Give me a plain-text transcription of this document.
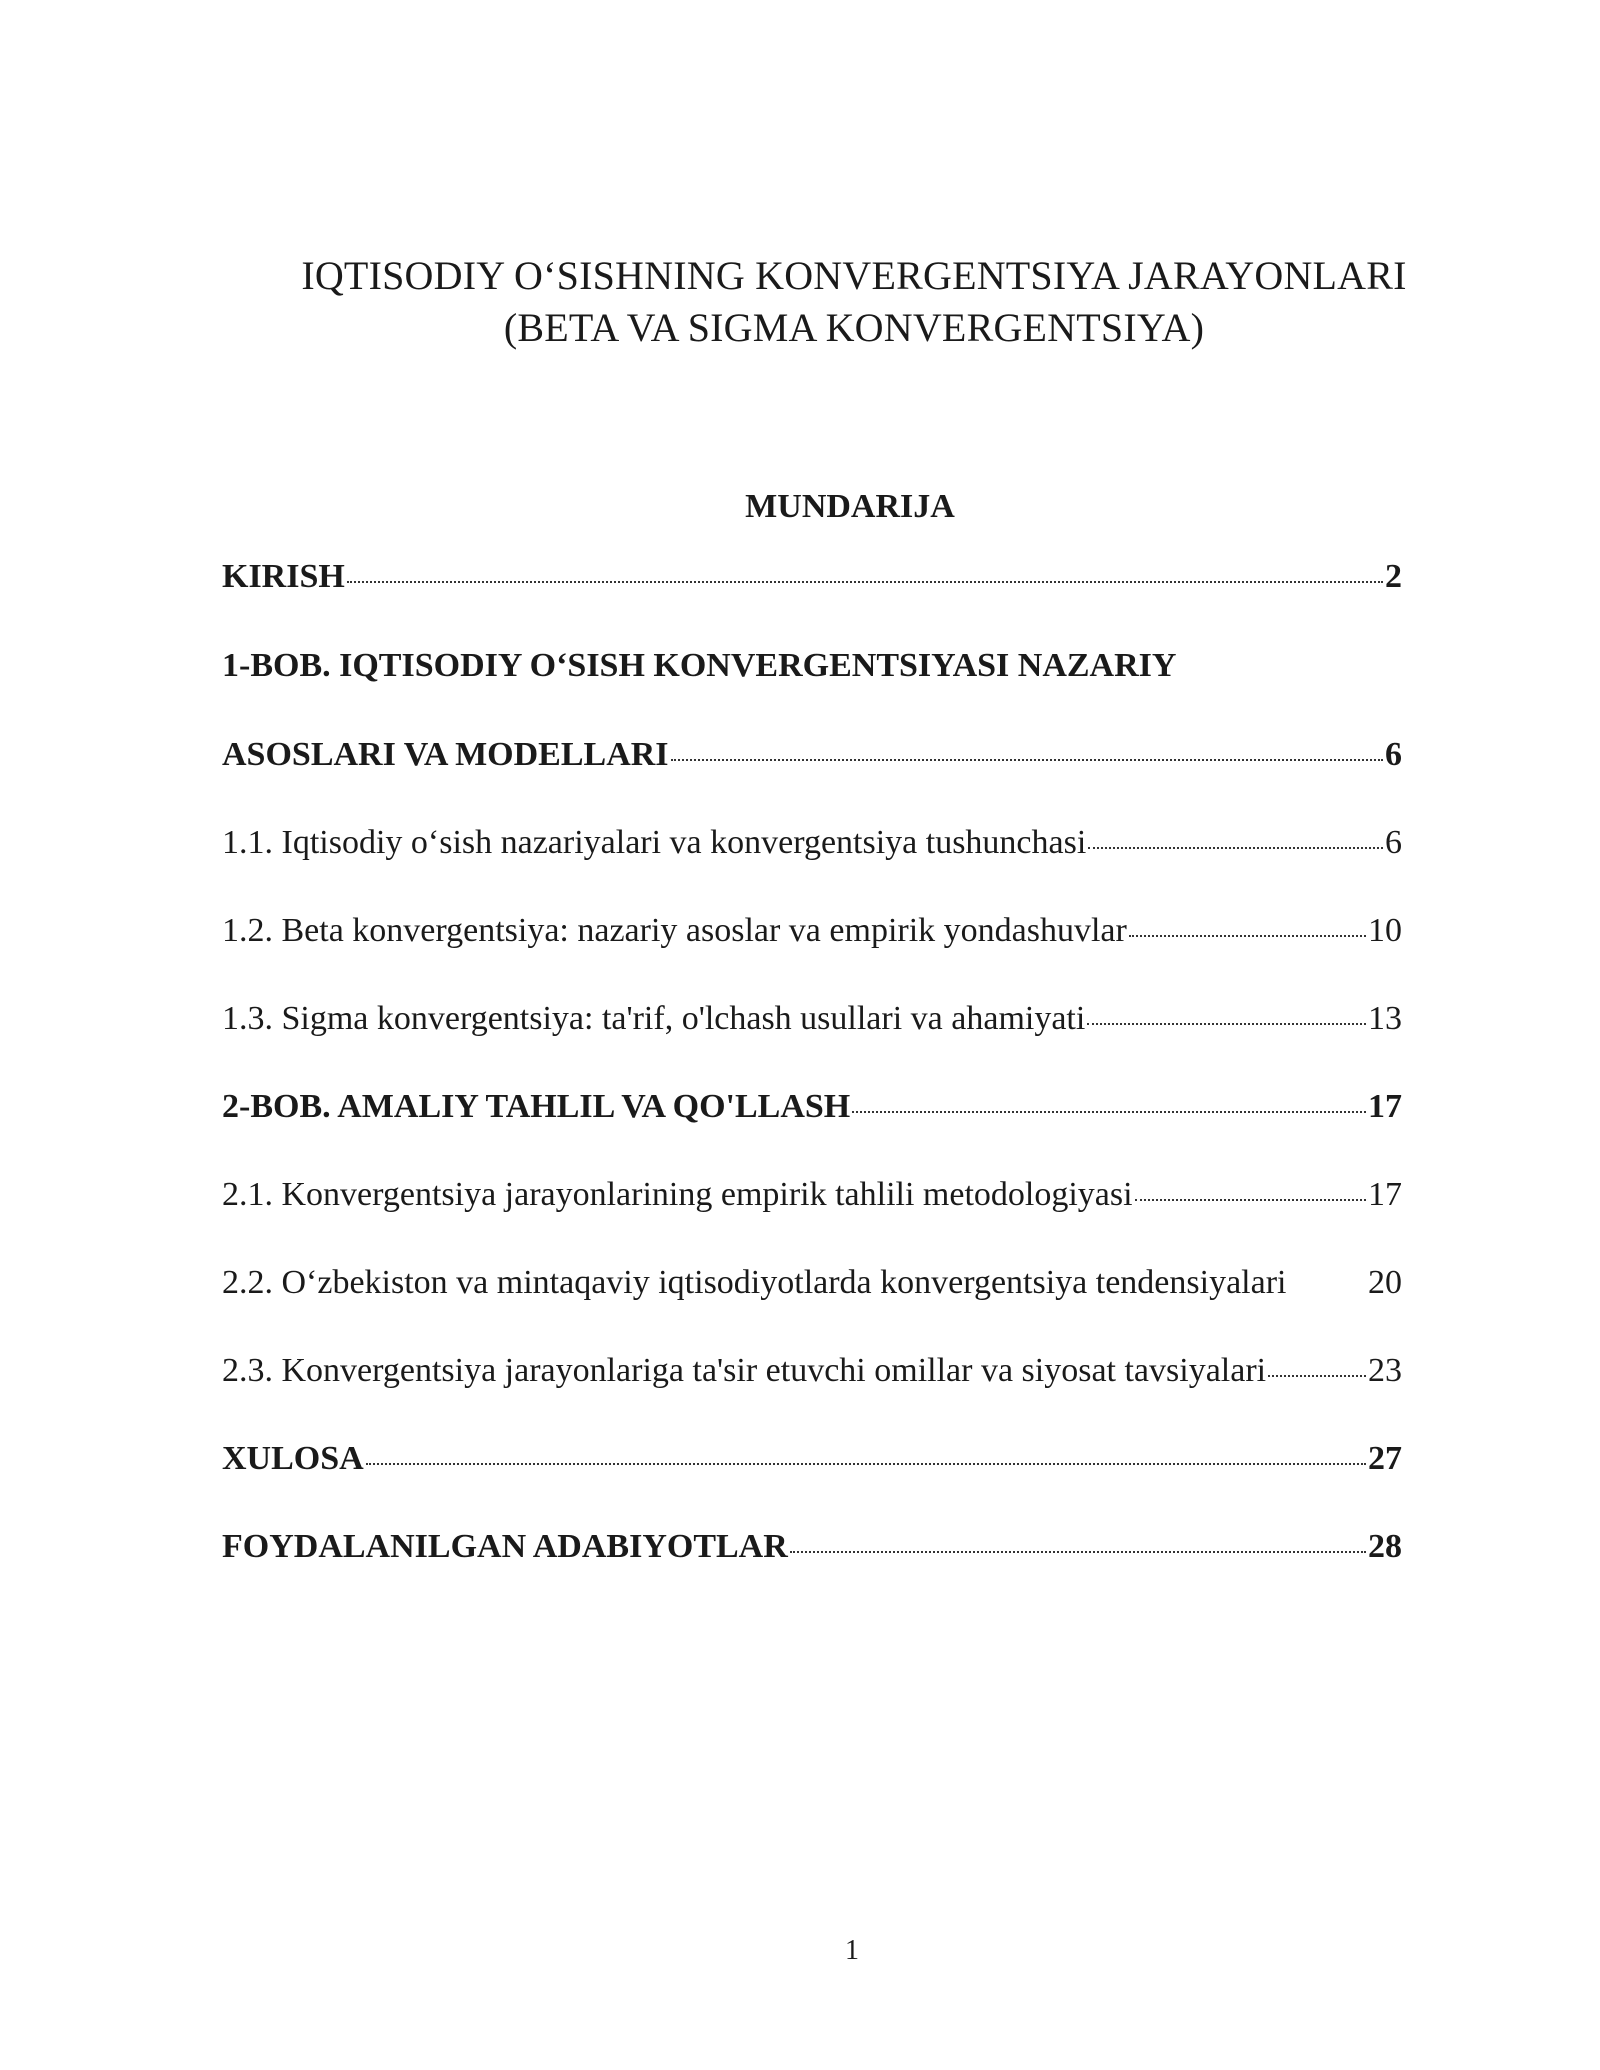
IQTISODIY O‘SISHNING KONVERGENTSIYA JARAYONLARI
(BETA VA SIGMA KONVERGENTSIYA)
MUNDARIJA
KIRISH	2
1-BOB. IQTISODIY O‘SISH KONVERGENTSIYASI NAZARIY
ASOSLARI VA MODELLARI	6
1.1. Iqtisodiy o‘sish nazariyalari va konvergentsiya tushunchasi	6
1.2. Beta konvergentsiya: nazariy asoslar va empirik yondashuvlar	10
1.3. Sigma konvergentsiya: ta'rif, o'lchash usullari va ahamiyati	13
2-BOB. AMALIY TAHLIL VA QO'LLASH	17
2.1. Konvergentsiya jarayonlarining empirik tahlili metodologiyasi	17
2.2. O‘zbekiston va mintaqaviy iqtisodiyotlarda konvergentsiya tendensiyalari 20
2.3. Konvergentsiya jarayonlariga ta'sir etuvchi omillar va siyosat tavsiyalari	23
XULOSA	27
FOYDALANILGAN ADABIYOTLAR	28
1
